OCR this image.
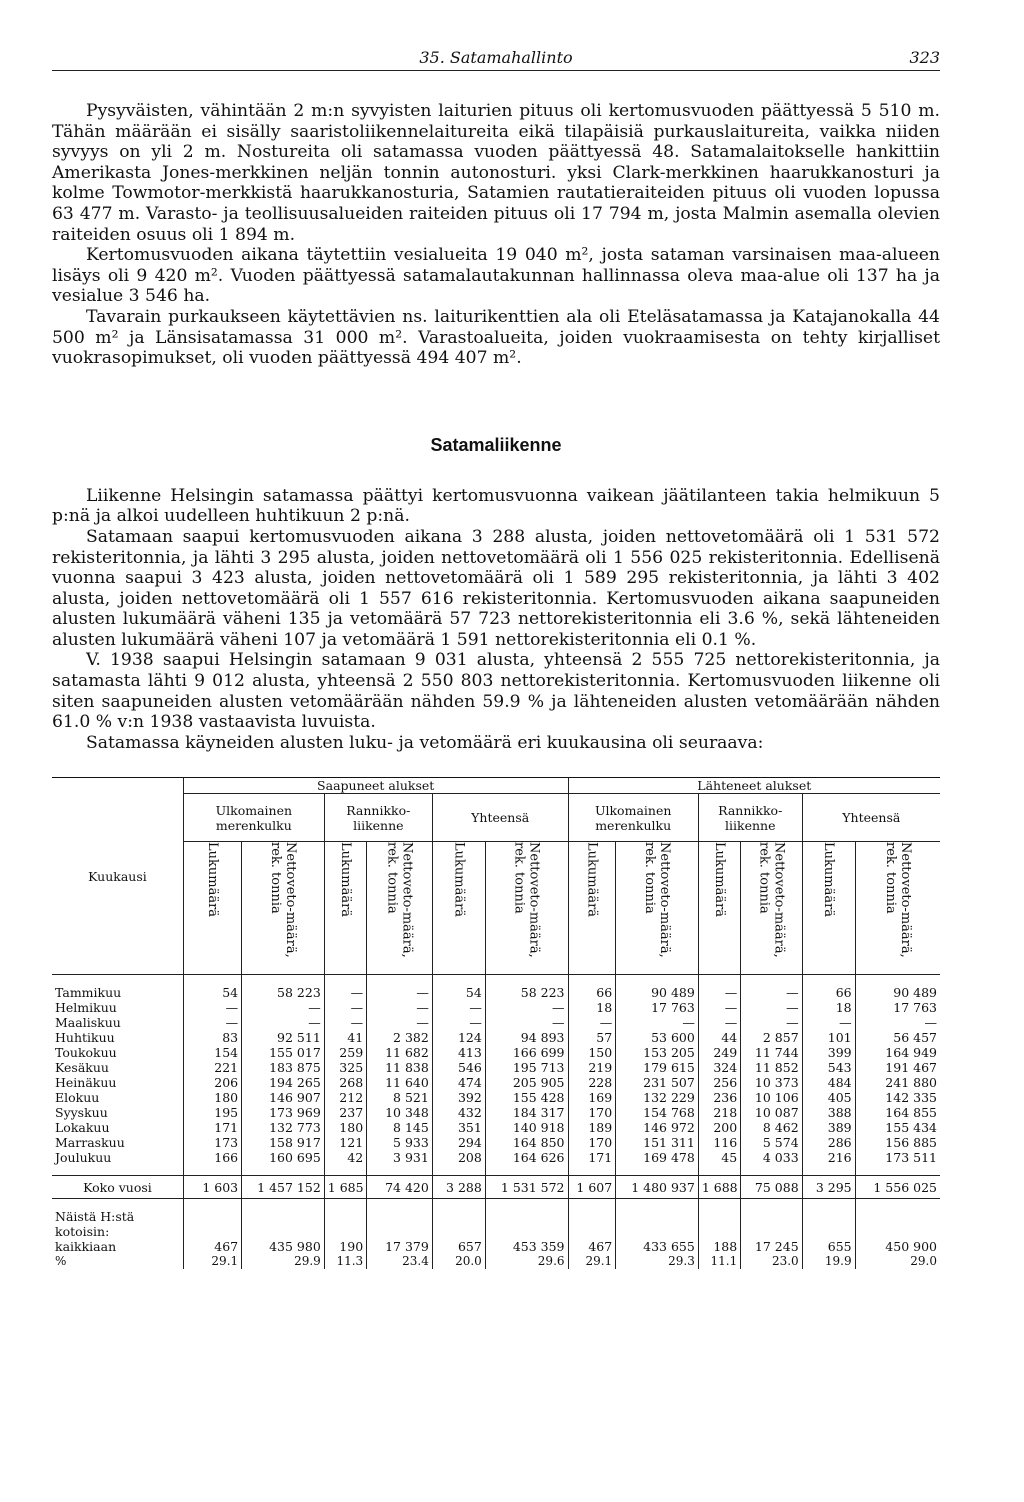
35. Satamahallinto	323

Pysyväisten, vähintään 2 m:n syvyisten laiturien pituus oli kertomusvuoden päättyessä 5 510 m. Tähän määrään ei sisälly saaristoliikennelaitureita eikä tilapäisiä purkauslaitureita, vaikka niiden syvyys on yli 2 m. Nostureita oli satamassa vuoden päättyessä 48. Satamalaitokselle hankittiin Amerikasta Jones-merkkinen neljän tonnin autonosturi. yksi Clark-merkkinen haarukkanosturi ja kolme Towmotor-merkkistä haarukkanosturia, Satamien rautatieraiteiden pituus oli vuoden lopussa 63 477 m. Varasto- ja teollisuusalueiden raiteiden pituus oli 17 794 m, josta Malmin asemalla olevien raiteiden osuus oli 1 894 m.

Kertomusvuoden aikana täytettiin vesialueita 19 040 m², josta sataman varsinaisen maa-alueen lisäys oli 9 420 m². Vuoden päättyessä satamalautakunnan hallinnassa oleva maa-alue oli 137 ha ja vesialue 3 546 ha.

Tavarain purkaukseen käytettävien ns. laiturikenttien ala oli Eteläsatamassa ja Katajanokalla 44 500 m² ja Länsisatamassa 31 000 m². Varastoalueita, joiden vuokraamisesta on tehty kirjalliset vuokrasopimukset, oli vuoden päättyessä 494 407 m².

Satamaliikenne

Liikenne Helsingin satamassa päättyi kertomusvuonna vaikean jäätilanteen takia helmikuun 5 p:nä ja alkoi uudelleen huhtikuun 2 p:nä.

Satamaan saapui kertomusvuoden aikana 3 288 alusta, joiden nettovetomäärä oli 1 531 572 rekisteritonnia, ja lähti 3 295 alusta, joiden nettovetomäärä oli 1 556 025 rekisteritonnia. Edellisenä vuonna saapui 3 423 alusta, joiden nettovetomäärä oli 1 589 295 rekisteritonnia, ja lähti 3 402 alusta, joiden nettovetomäärä oli 1 557 616 rekisteritonnia. Kertomusvuoden aikana saapuneiden alusten lukumäärä väheni 135 ja vetomäärä 57 723 nettorekisteritonnia eli 3.6 %, sekä lähteneiden alusten lukumäärä väheni 107 ja vetomäärä 1 591 nettorekisteritonnia eli 0.1 %.

V. 1938 saapui Helsingin satamaan 9 031 alusta, yhteensä 2 555 725 nettorekisteritonnia, ja satamasta lähti 9 012 alusta, yhteensä 2 550 803 nettorekisteritonnia. Kertomusvuoden liikenne oli siten saapuneiden alusten vetomäärään nähden 59.9 % ja lähteneiden alusten vetomäärään nähden 61.0 % v:n 1938 vastaavista luvuista.

Satamassa käyneiden alusten luku- ja vetomäärä eri kuukausina oli seuraava:

Kuukausi	Saapuneet alukset						Lähteneet alukset					
	Ulkomainen merenkulku		Rannikko-liikenne		Yhteensä		Ulkomainen merenkulku		Rannikko-liikenne		Yhteensä	

	Lukumäärä	Nettoveto-määrä, rek. tonnia	Lukumäärä	Nettoveto-määrä, rek. tonnia	Lukumäärä	Nettoveto-määrä, rek. tonnia	Lukumäärä	Nettoveto-määrä, rek. tonnia	Lukumäärä	Nettoveto-määrä, rek. tonnia	Lukumäärä	Nettoveto-määrä, rek. tonnia

Tammikuu	54	58 223	—	—	54	58 223	66	90 489	—	—	66	90 489
Helmikuu	—	—	—	—	—	—	18	17 763	—	—	18	17 763
Maaliskuu	—	—	—	—	—	—	—	—	—	—	—	—
Huhtikuu	83	92 511	41	2 382	124	94 893	57	53 600	44	2 857	101	56 457
Toukokuu	154	155 017	259	11 682	413	166 699	150	153 205	249	11 744	399	164 949
Kesäkuu	221	183 875	325	11 838	546	195 713	219	179 615	324	11 852	543	191 467
Heinäkuu	206	194 265	268	11 640	474	205 905	228	231 507	256	10 373	484	241 880
Elokuu	180	146 907	212	8 521	392	155 428	169	132 229	236	10 106	405	142 335
Syyskuu	195	173 969	237	10 348	432	184 317	170	154 768	218	10 087	388	164 855
Lokakuu	171	132 773	180	8 145	351	140 918	189	146 972	200	8 462	389	155 434
Marraskuu	173	158 917	121	5 933	294	164 850	170	151 311	116	5 574	286	156 885
Joulukuu	166	160 695	42	3 931	208	164 626	171	169 478	45	4 033	216	173 511

Koko vuosi	1 603	1 457 152	1 685	74 420	3 288	1 531 572	1 607	1 480 937	1 688	75 088	3 295	1 556 025

Näistä H:stä												
kotoisin:												
kaikkiaan	467	435 980	190	17 379	657	453 359	467	433 655	188	17 245	655	450 900
%	29.1	29.9	11.3	23.4	20.0	29.6	29.1	29.3	11.1	23.0	19.9	29.0
